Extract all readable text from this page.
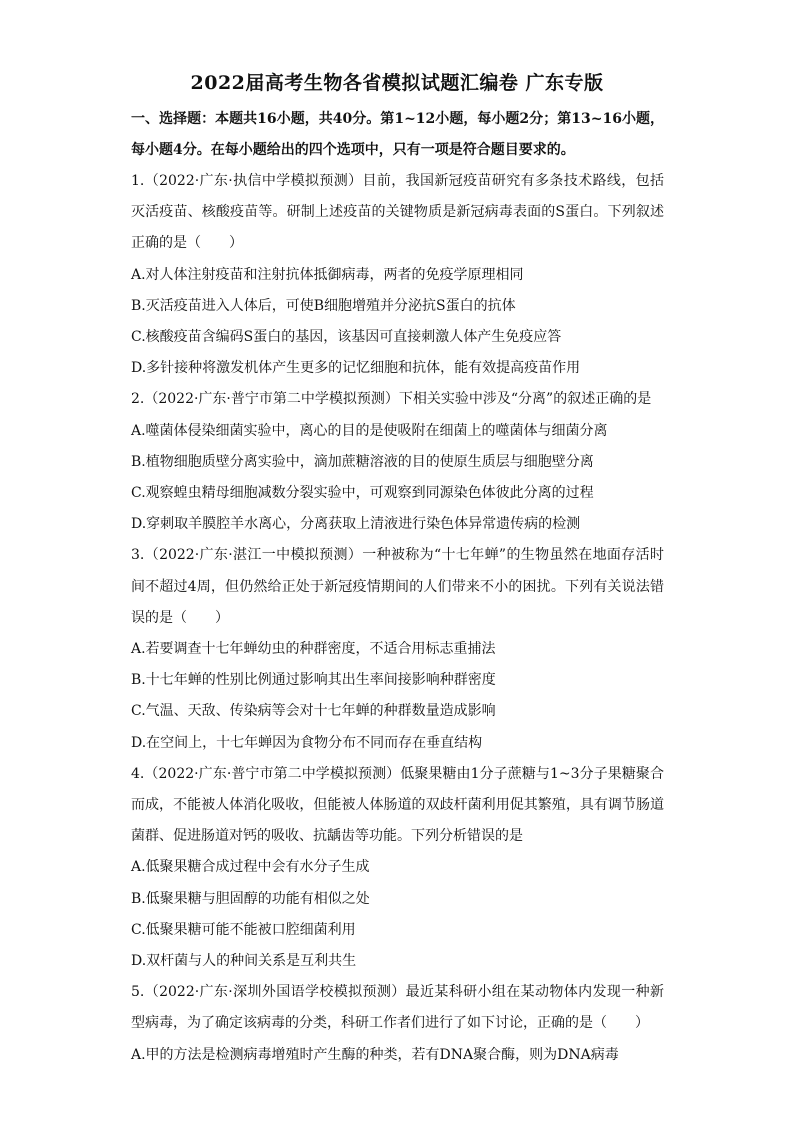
2022届高考生物各省模拟试题汇编卷 广东专版

一、选择题：本题共16小题，共40分。第1~12小题，每小题2分；第13~16小题，每小题4分。在每小题给出的四个选项中，只有一项是符合题目要求的。

1.（2022·广东·执信中学模拟预测）目前，我国新冠疫苗研究有多条技术路线，包括灭活疫苗、核酸疫苗等。研制上述疫苗的关键物质是新冠病毒表面的S蛋白。下列叙述正确的是（　　）

A.对人体注射疫苗和注射抗体抵御病毒，两者的免疫学原理相同

B.灭活疫苗进入人体后，可使B细胞增殖并分泌抗S蛋白的抗体

C.核酸疫苗含编码S蛋白的基因，该基因可直接刺激人体产生免疫应答

D.多针接种将激发机体产生更多的记忆细胞和抗体，能有效提高疫苗作用

2.（2022·广东·普宁市第二中学模拟预测）下相关实验中涉及“分离”的叙述正确的是

A.噬菌体侵染细菌实验中，离心的目的是使吸附在细菌上的噬菌体与细菌分离

B.植物细胞质壁分离实验中，滴加蔗糖溶液的目的使原生质层与细胞壁分离

C.观察蝗虫精母细胞减数分裂实验中，可观察到同源染色体彼此分离的过程

D.穿刺取羊膜腔羊水离心，分离获取上清液进行染色体异常遗传病的检测

3.（2022·广东·湛江一中模拟预测）一种被称为“十七年蝉”的生物虽然在地面存活时间不超过4周，但仍然给正处于新冠疫情期间的人们带来不小的困扰。下列有关说法错误的是（　　）

A.若要调查十七年蝉幼虫的种群密度，不适合用标志重捕法

B.十七年蝉的性别比例通过影响其出生率间接影响种群密度

C.气温、天敌、传染病等会对十七年蝉的种群数量造成影响

D.在空间上，十七年蝉因为食物分布不同而存在垂直结构

4.（2022·广东·普宁市第二中学模拟预测）低聚果糖由1分子蔗糖与1~3分子果糖聚合而成，不能被人体消化吸收，但能被人体肠道的双歧杆菌利用促其繁殖，具有调节肠道菌群、促进肠道对钙的吸收、抗龋齿等功能。下列分析错误的是

A.低聚果糖合成过程中会有水分子生成

B.低聚果糖与胆固醇的功能有相似之处

C.低聚果糖可能不能被口腔细菌利用

D.双杆菌与人的种间关系是互利共生

5.（2022·广东·深圳外国语学校模拟预测）最近某科研小组在某动物体内发现一种新型病毒，为了确定该病毒的分类，科研工作者们进行了如下讨论，正确的是（　　）

A.甲的方法是检测病毒增殖时产生酶的种类，若有DNA聚合酶，则为DNA病毒
